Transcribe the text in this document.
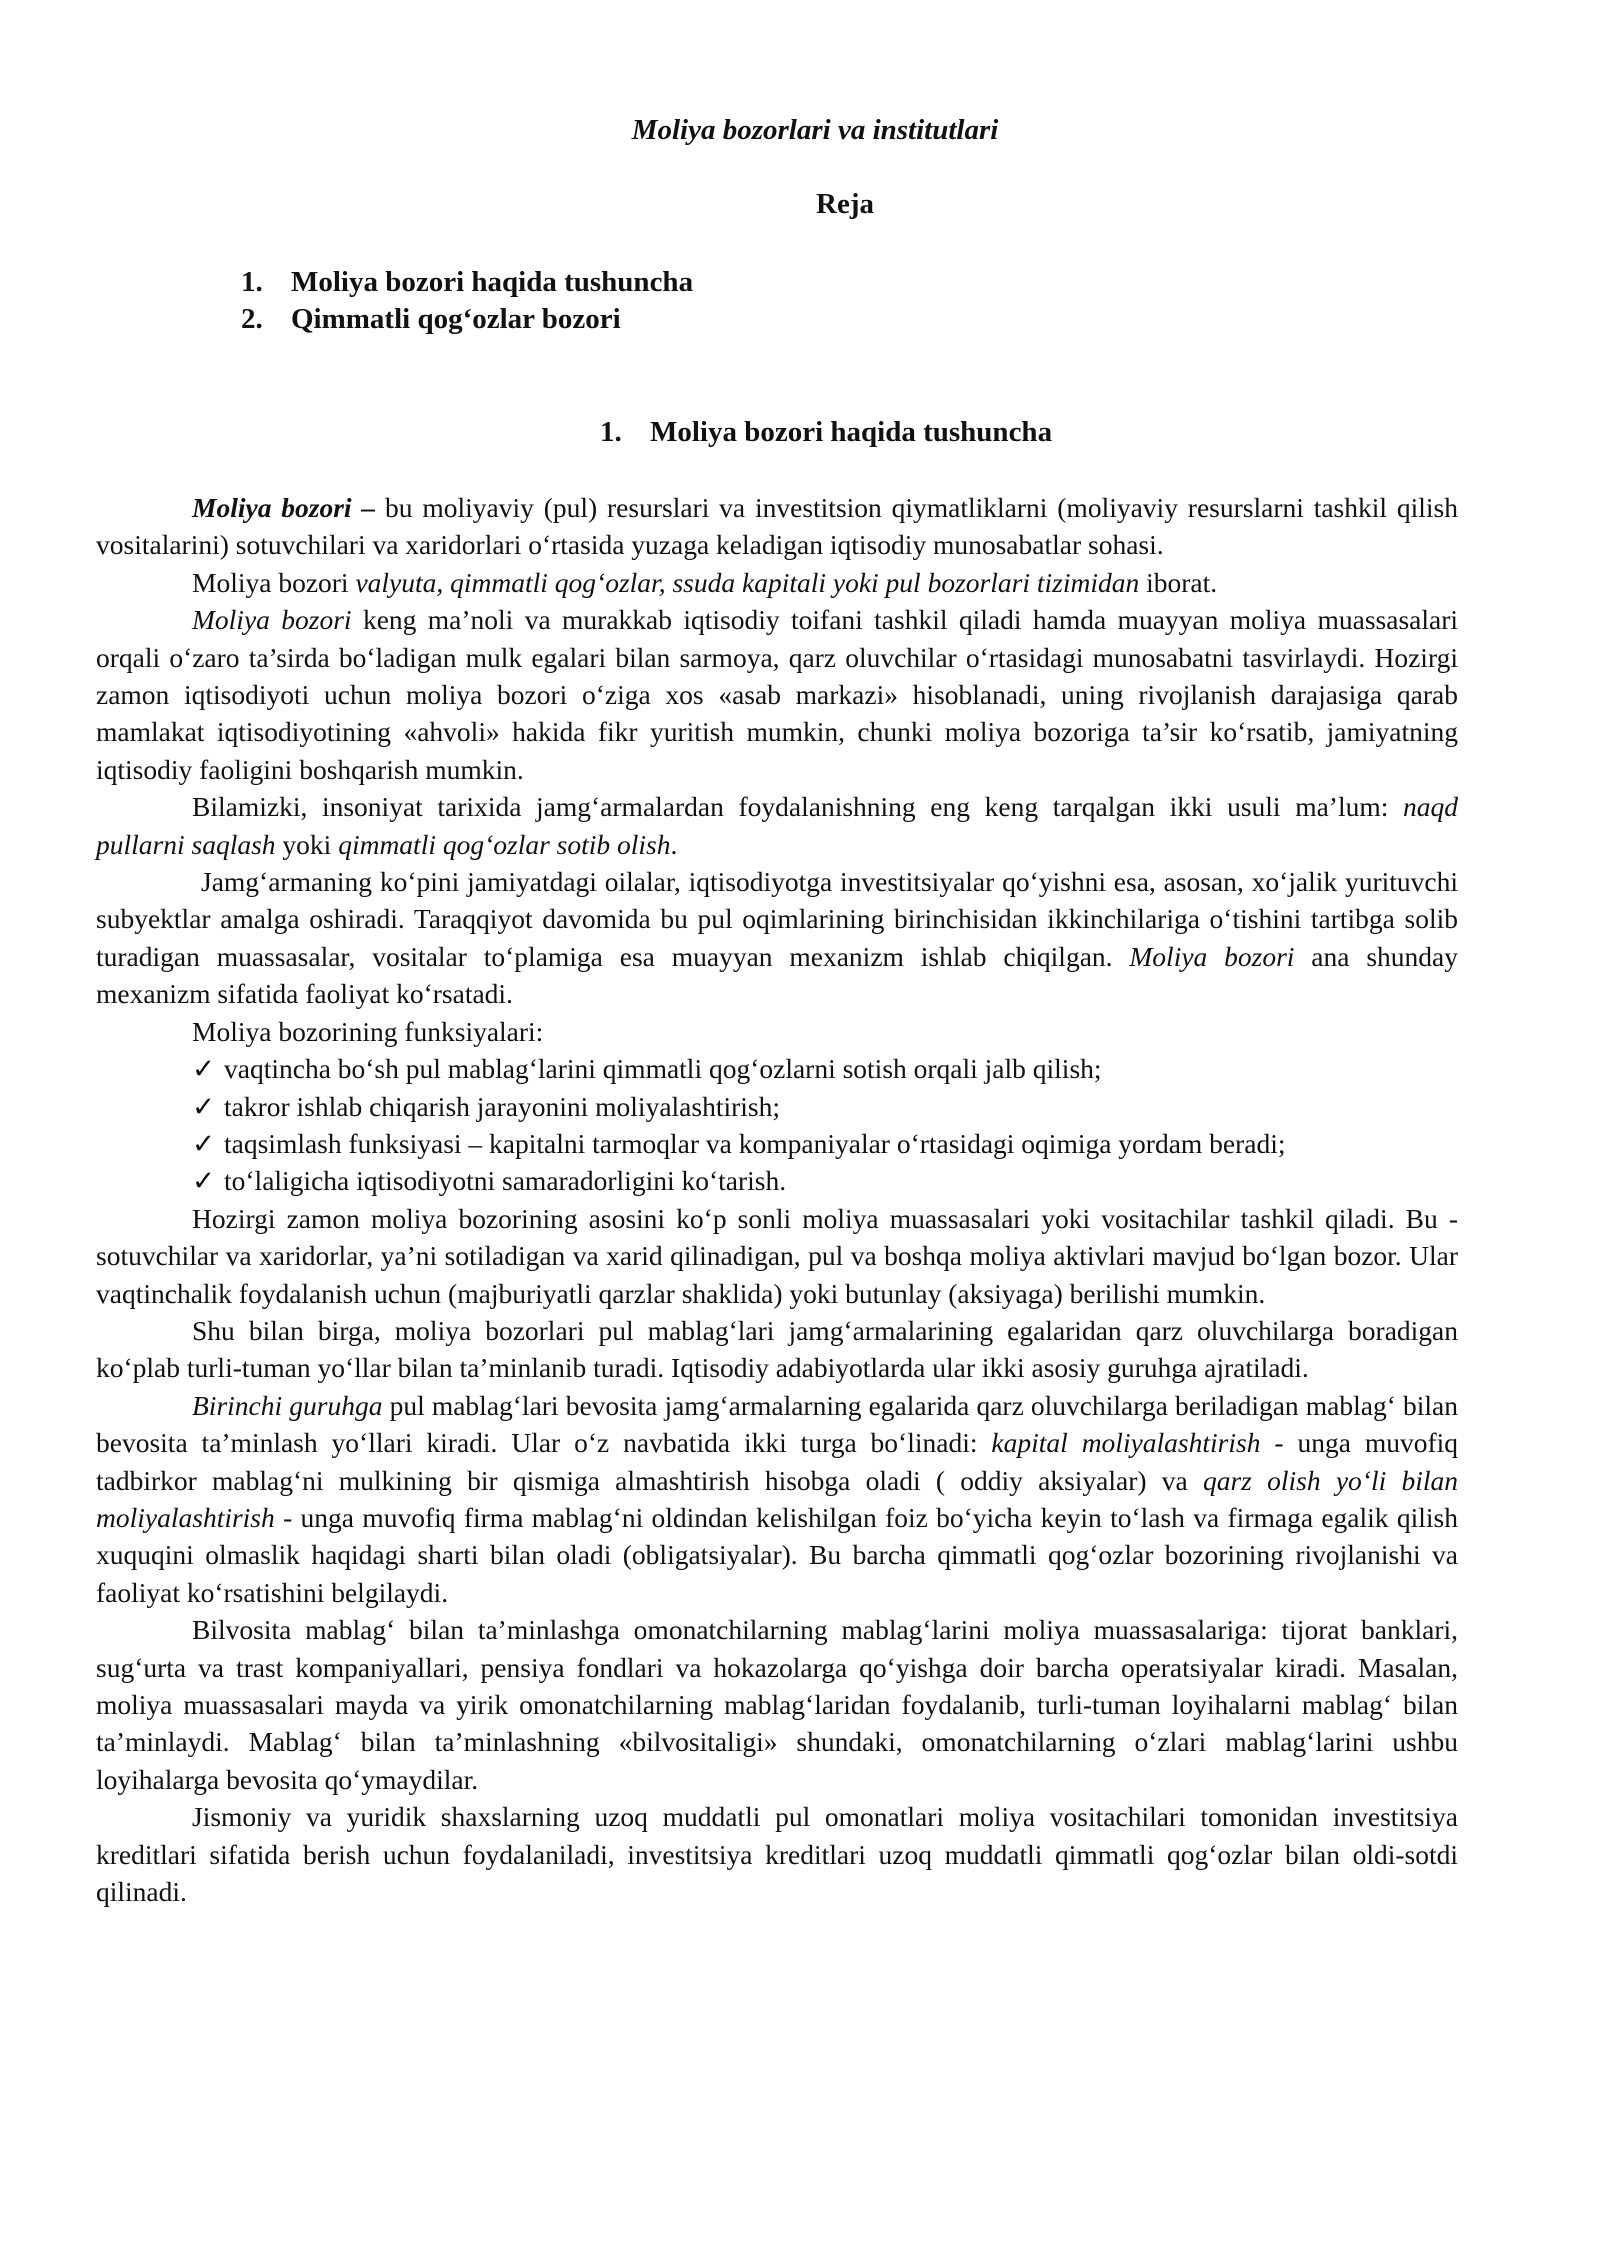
Moliya bozorlari va institutlari
Reja
1. Moliya bozori haqida tushuncha
2. Qimmatli qog‘ozlar bozori
1. Moliya bozori haqida tushuncha

Moliya bozori – bu moliyaviy (pul) resurslari va investitsion qiymatliklarni (moliyaviy resurslarni tashkil qilish vositalarini) sotuvchilari va xaridorlari o‘rtasida yuzaga keladigan iqtisodiy munosabatlar sohasi.

Moliya bozori valyuta, qimmatli qog‘ozlar, ssuda kapitali yoki pul bozorlari tizimidan iborat.

Moliya bozori keng ma’noli va murakkab iqtisodiy toifani tashkil qiladi hamda muayyan moliya muassasalari orqali o‘zaro ta’sirda bo‘ladigan mulk egalari bilan sarmoya, qarz oluvchilar o‘rtasidagi munosabatni tasvirlaydi. Hozirgi zamon iqtisodiyoti uchun moliya bozori o‘ziga xos «asab markazi» hisoblanadi, uning rivojlanish darajasiga qarab mamlakat iqtisodiyotining «ahvoli» hakida fikr yuritish mumkin, chunki moliya bozoriga ta’sir ko‘rsatib, jamiyatning iqtisodiy faoligini boshqarish mumkin.

Bilamizki, insoniyat tarixida jamg‘armalardan foydalanishning eng keng tarqalgan ikki usuli ma’lum: naqd pullarni saqlash yoki qimmatli qog‘ozlar sotib olish.

Jamg‘armaning ko‘pini jamiyatdagi oilalar, iqtisodiyotga investitsiyalar qo‘yishni esa, asosan, xo‘jalik yurituvchi subyektlar amalga oshiradi. Taraqqiyot davomida bu pul oqimlarining birinchisidan ikkinchilariga o‘tishini tartibga solib turadigan muassasalar, vositalar to‘plamiga esa muayyan mexanizm ishlab chiqilgan. Moliya bozori ana shunday mexanizm sifatida faoliyat ko‘rsatadi.

Moliya bozorining funksiyalari:

✓ vaqtincha bo‘sh pul mablag‘larini qimmatli qog‘ozlarni sotish orqali jalb qilish;

✓ takror ishlab chiqarish jarayonini moliyalashtirish;

✓ taqsimlash funksiyasi – kapitalni tarmoqlar va kompaniyalar o‘rtasidagi oqimiga yordam beradi;

✓ to‘laligicha iqtisodiyotni samaradorligini ko‘tarish.

Hozirgi zamon moliya bozorining asosini ko‘p sonli moliya muassasalari yoki vositachilar tashkil qiladi. Bu - sotuvchilar va xaridorlar, ya’ni sotiladigan va xarid qilinadigan, pul va boshqa moliya aktivlari mavjud bo‘lgan bozor. Ular vaqtinchalik foydalanish uchun (majburiyatli qarzlar shaklida) yoki butunlay (aksiyaga) berilishi mumkin.

Shu bilan birga, moliya bozorlari pul mablag‘lari jamg‘armalarining egalaridan qarz oluvchilarga boradigan ko‘plab turli-tuman yo‘llar bilan ta’minlanib turadi. Iqtisodiy adabiyotlarda ular ikki asosiy guruhga ajratiladi.

Birinchi guruhga pul mablag‘lari bevosita jamg‘armalarning egalarida qarz oluvchilarga beriladigan mablag‘ bilan bevosita ta’minlash yo‘llari kiradi. Ular o‘z navbatida ikki turga bo‘linadi: kapital moliyalashtirish - unga muvofiq tadbirkor mablag‘ni mulkining bir qismiga almashtirish hisobga oladi ( oddiy aksiyalar) va qarz olish yo‘li bilan moliyalashtirish - unga muvofiq firma mablag‘ni oldindan kelishilgan foiz bo‘yicha keyin to‘lash va firmaga egalik qilish xuquqini olmaslik haqidagi sharti bilan oladi (obligatsiyalar). Bu barcha qimmatli qog‘ozlar bozorining rivojlanishi va faoliyat ko‘rsatishini belgilaydi.

Bilvosita mablag‘ bilan ta’minlashga omonatchilarning mablag‘larini moliya muassasalariga: tijorat banklari, sug‘urta va trast kompaniyallari, pensiya fondlari va hokazolarga qo‘yishga doir barcha operatsiyalar kiradi. Masalan, moliya muassasalari mayda va yirik omonatchilarning mablag‘laridan foydalanib, turli-tuman loyihalarni mablag‘ bilan ta’minlaydi. Mablag‘ bilan ta’minlashning «bilvositaligi» shundaki, omonatchilarning o‘zlari mablag‘larini ushbu loyihalarga bevosita qo‘ymaydilar.

Jismoniy va yuridik shaxslarning uzoq muddatli pul omonatlari moliya vositachilari tomonidan investitsiya kreditlari sifatida berish uchun foydalaniladi, investitsiya kreditlari uzoq muddatli qimmatli qog‘ozlar bilan oldi-sotdi qilinadi.
